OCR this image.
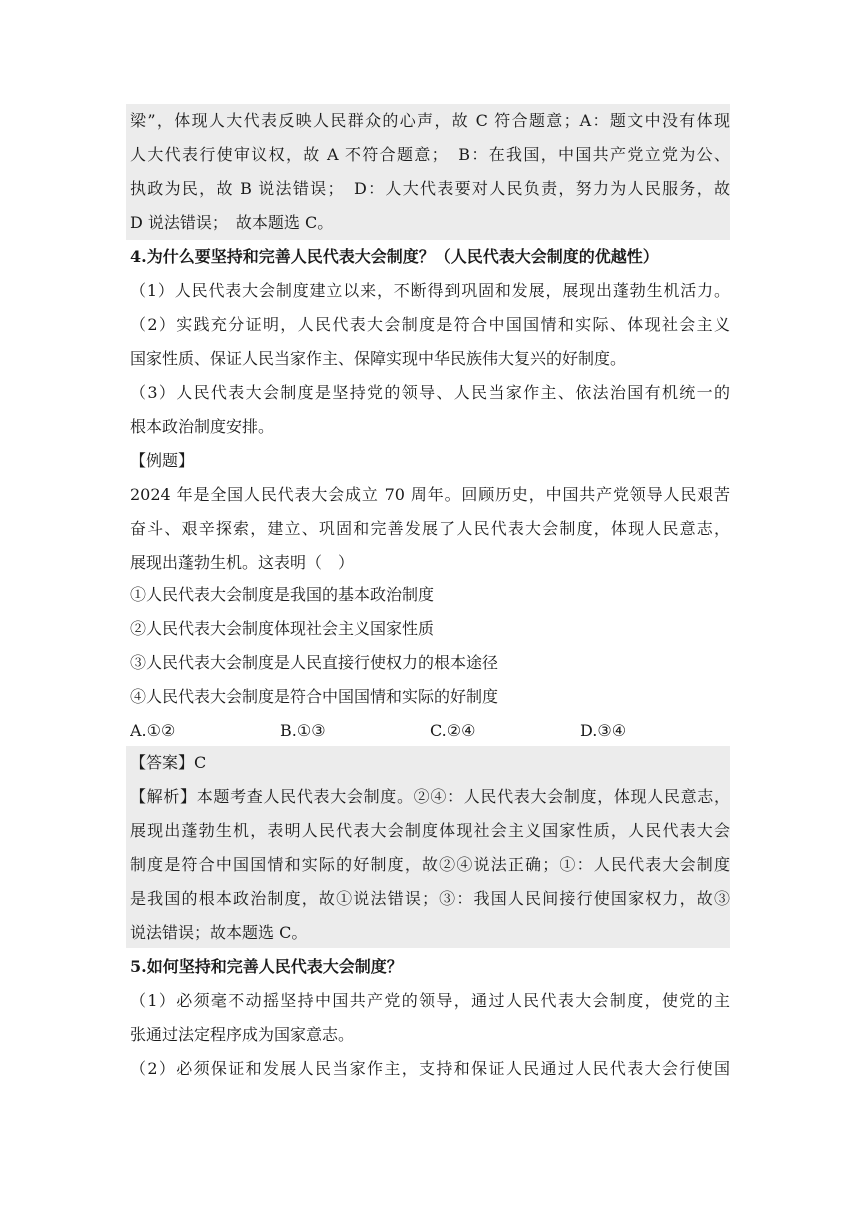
梁”，体现人大代表反映人民群众的心声，故 C 符合题意；A：题文中没有体现
人大代表行使审议权，故 A 不符合题意；　B：在我国，中国共产党立党为公、
执政为民，故 B 说法错误；　D：人大代表要对人民负责，努力为人民服务，故
D 说法错误；　故本题选 C。
4.为什么要坚持和完善人民代表大会制度？（人民代表大会制度的优越性）
（1）人民代表大会制度建立以来，不断得到巩固和发展，展现出蓬勃生机活力。
（2）实践充分证明，人民代表大会制度是符合中国国情和实际、体现社会主义
国家性质、保证人民当家作主、保障实现中华民族伟大复兴的好制度。
（3）人民代表大会制度是坚持党的领导、人民当家作主、依法治国有机统一的
根本政治制度安排。
【例题】
2024 年是全国人民代表大会成立 70 周年。回顾历史，中国共产党领导人民艰苦
奋斗、艰辛探索，建立、巩固和完善发展了人民代表大会制度，体现人民意志，
展现出蓬勃生机。这表明（　）
①人民代表大会制度是我国的基本政治制度
②人民代表大会制度体现社会主义国家性质
③人民代表大会制度是人民直接行使权力的根本途径
④人民代表大会制度是符合中国国情和实际的好制度
A.①②	B.①③	C.②④	D.③④
【答案】C
【解析】本题考查人民代表大会制度。②④：人民代表大会制度，体现人民意志，
展现出蓬勃生机，表明人民代表大会制度体现社会主义国家性质，人民代表大会
制度是符合中国国情和实际的好制度，故②④说法正确；①：人民代表大会制度
是我国的根本政治制度，故①说法错误；③：我国人民间接行使国家权力，故③
说法错误；故本题选 C。
5.如何坚持和完善人民代表大会制度？
（1）必须毫不动摇坚持中国共产党的领导，通过人民代表大会制度，使党的主
张通过法定程序成为国家意志。
（2）必须保证和发展人民当家作主，支持和保证人民通过人民代表大会行使国
